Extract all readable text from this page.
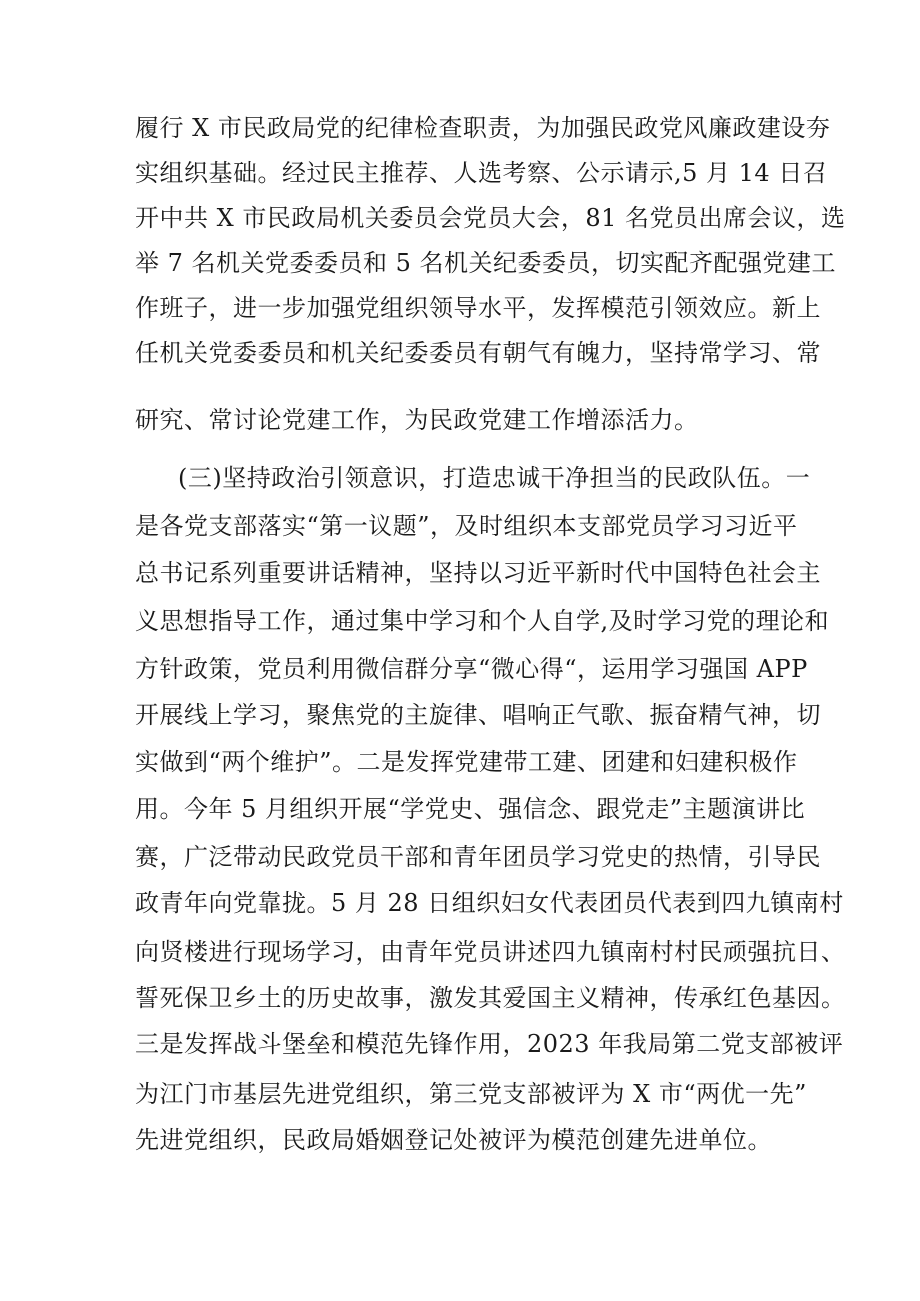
履行 X 市民政局党的纪律检查职责，为加强民政党风廉政建设夯
实组织基础。经过民主推荐、人选考察、公示请示,5 月 14 日召
开中共 X 市民政局机关委员会党员大会，81 名党员出席会议，选
举 7 名机关党委委员和 5 名机关纪委委员，切实配齐配强党建工
作班子，进一步加强党组织领导水平，发挥模范引领效应。新上
任机关党委委员和机关纪委委员有朝气有魄力，坚持常学习、常
研究、常讨论党建工作，为民政党建工作增添活力。
(三)坚持政治引领意识，打造忠诚干净担当的民政队伍。一
是各党支部落实“第一议题”，及时组织本支部党员学习习近平
总书记系列重要讲话精神，坚持以习近平新时代中国特色社会主
义思想指导工作，通过集中学习和个人自学,及时学习党的理论和
方针政策，党员利用微信群分享“微心得“，运用学习强国 APP
开展线上学习，聚焦党的主旋律、唱响正气歌、振奋精气神，切
实做到“两个维护”。二是发挥党建带工建、团建和妇建积极作
用。今年 5 月组织开展“学党史、强信念、跟党走”主题演讲比
赛，广泛带动民政党员干部和青年团员学习党史的热情，引导民
政青年向党靠拢。5 月 28 日组织妇女代表团员代表到四九镇南村
向贤楼进行现场学习，由青年党员讲述四九镇南村村民顽强抗日、
誓死保卫乡土的历史故事，激发其爱国主义精神，传承红色基因。
三是发挥战斗堡垒和模范先锋作用，2023 年我局第二党支部被评
为江门市基层先进党组织，第三党支部被评为 X 市“两优一先”
先进党组织，民政局婚姻登记处被评为模范创建先进单位。
